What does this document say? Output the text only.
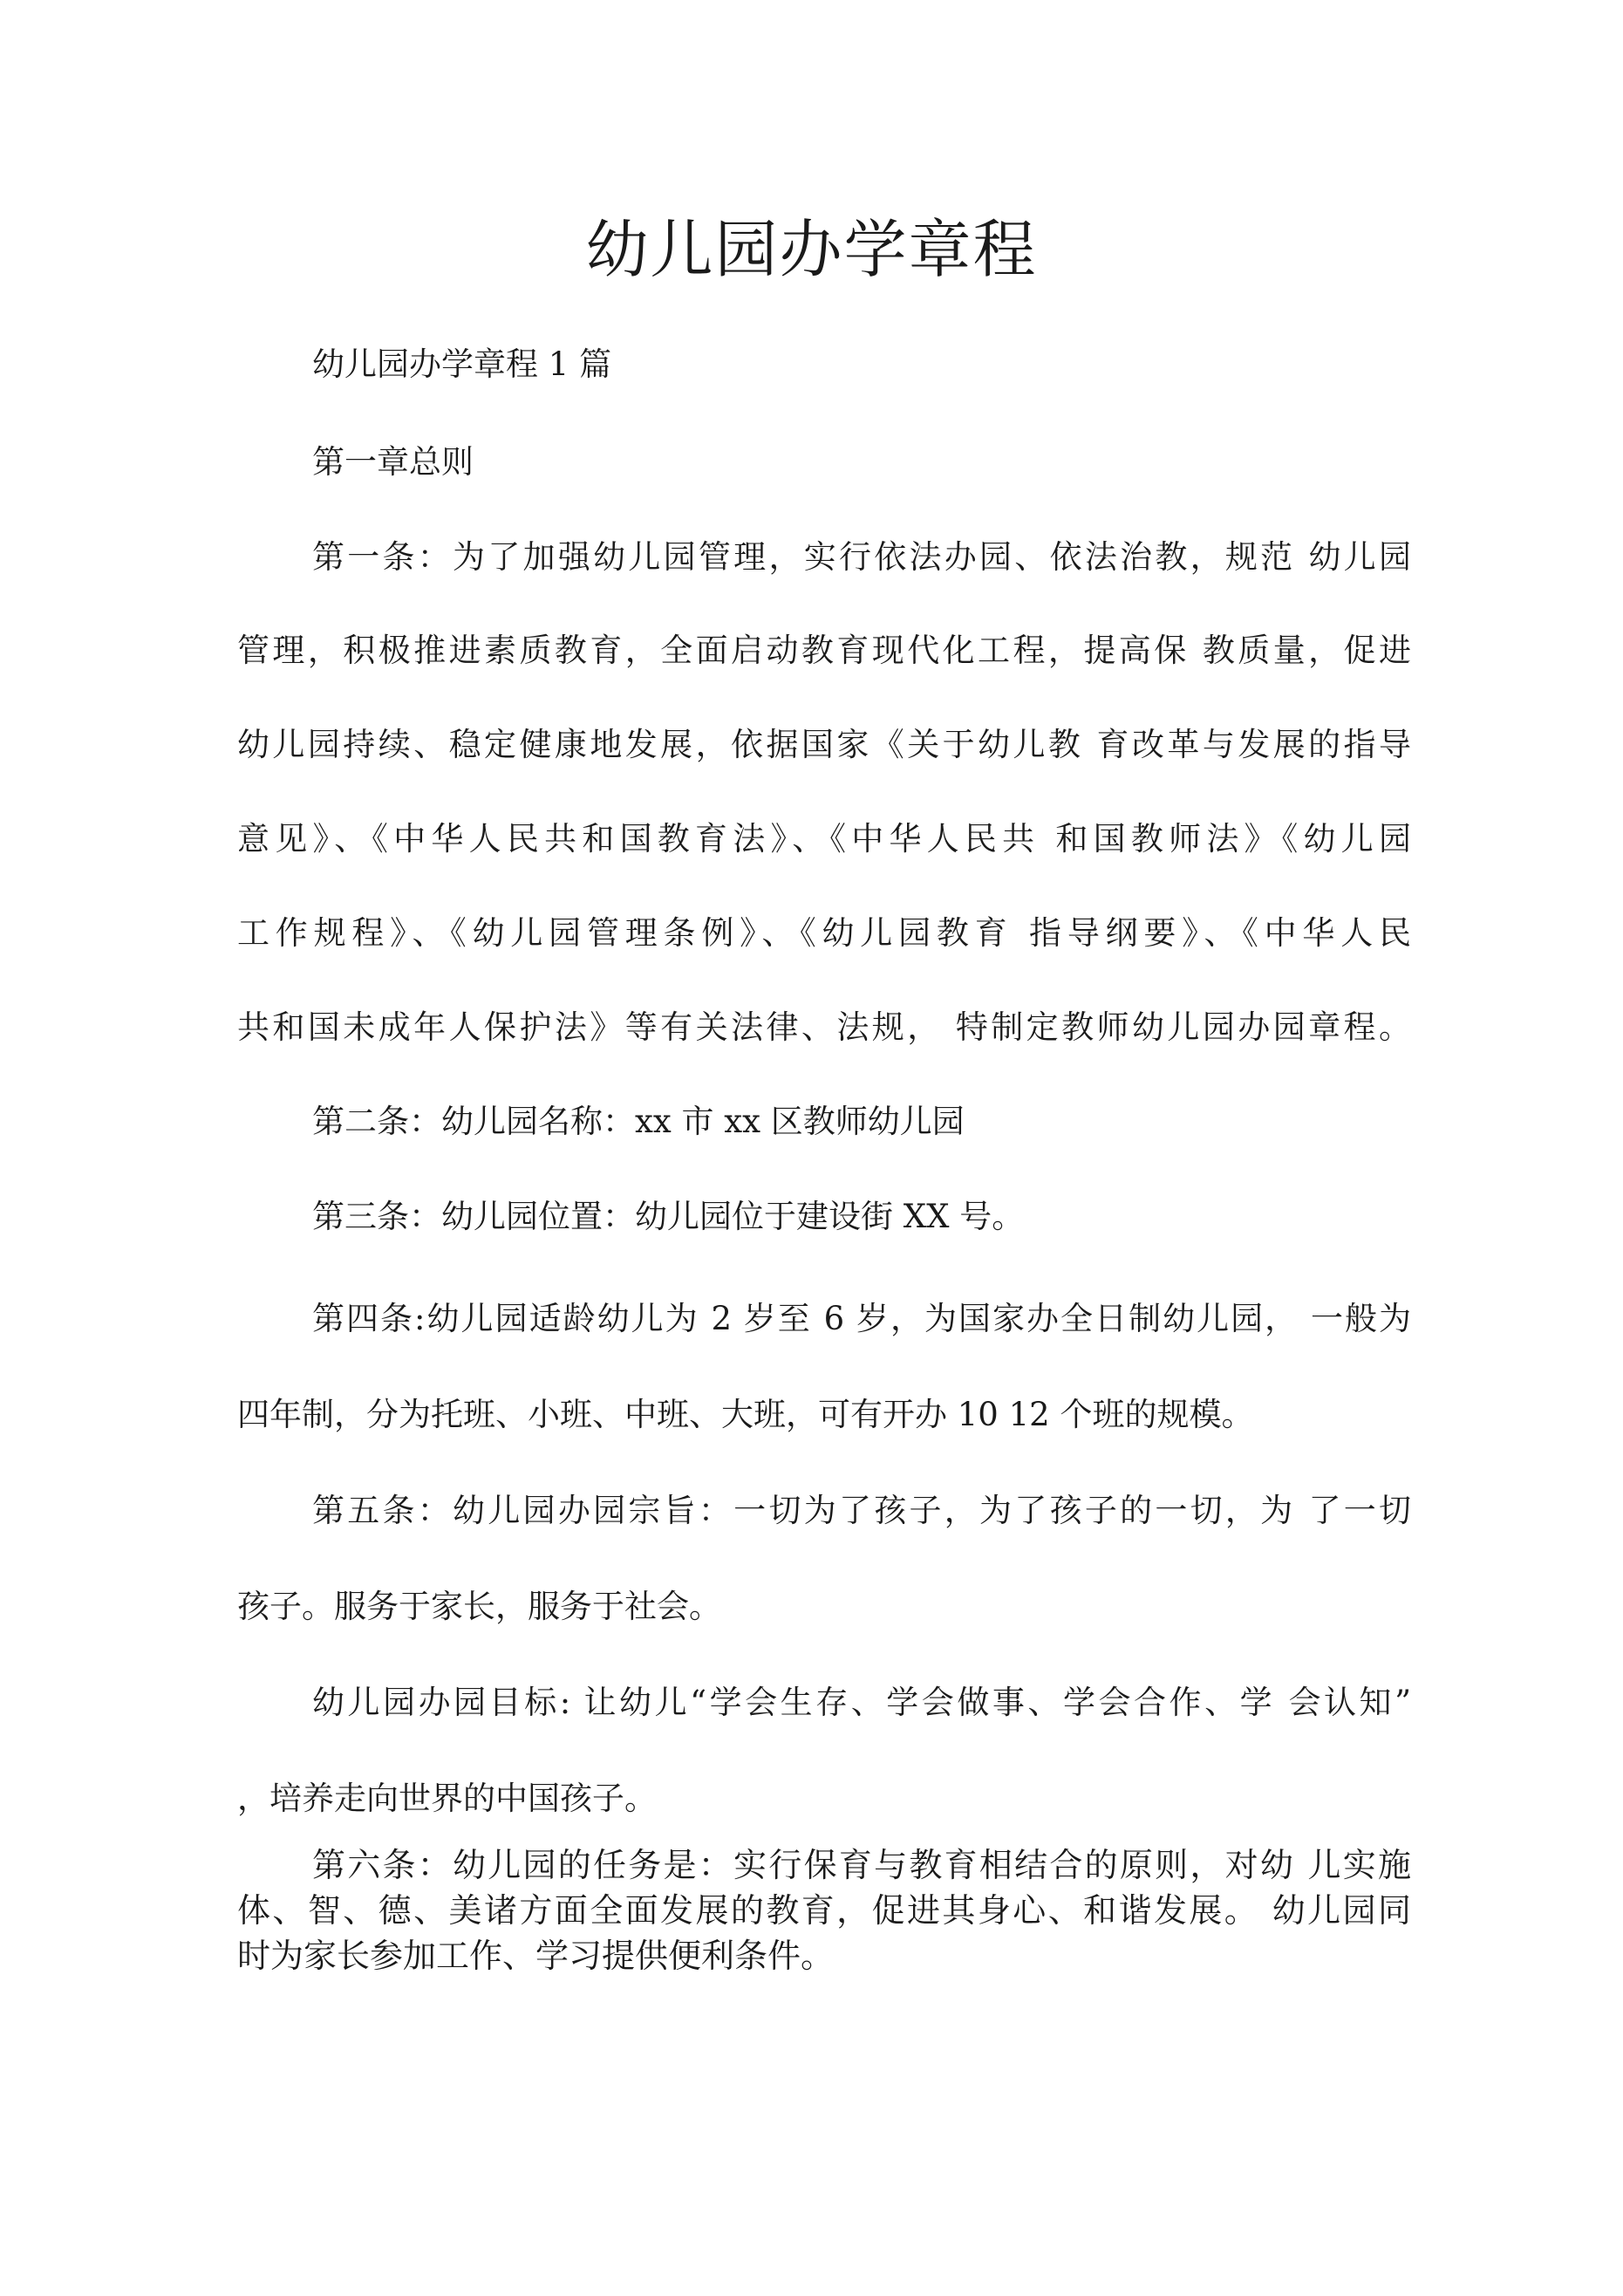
幼儿园办学章程

幼儿园办学章程 1 篇

第一章总则

第一条：为了加强幼儿园管理，实行依法办园、依法治教，规范 幼儿园

管理，积极推进素质教育，全面启动教育现代化工程，提高保 教质量，促进

幼儿园持续、稳定健康地发展，依据国家《关于幼儿教 育改革与发展的指导

意见》、《中华人民共和国教育法》、《中华人民共 和国教师法》《幼儿园

工作规程》、《幼儿园管理条例》、《幼儿园教育 指导纲要》、《中华人民

共和国未成年人保护法》等有关法律、法规， 特制定教师幼儿园办园章程。

第二条：幼儿园名称：xx 市 xx 区教师幼儿园

第三条：幼儿园位置：幼儿园位于建设街 XX 号。

第四条:幼儿园适龄幼儿为 2 岁至 6 岁，为国家办全日制幼儿园， 一般为

四年制，分为托班、小班、中班、大班，可有开办 10 12 个班的规模。

第五条：幼儿园办园宗旨：一切为了孩子，为了孩子的一切，为 了一切

孩子。服务于家长，服务于社会。

幼儿园办园目标: 让幼儿“学会生存、学会做事、学会合作、学 会认知”

，培养走向世界的中国孩子。

第六条：幼儿园的任务是：实行保育与教育相结合的原则，对幼 儿实施

体、智、德、美诸方面全面发展的教育，促进其身心、和谐发展。 幼儿园同

时为家长参加工作、学习提供便利条件。
